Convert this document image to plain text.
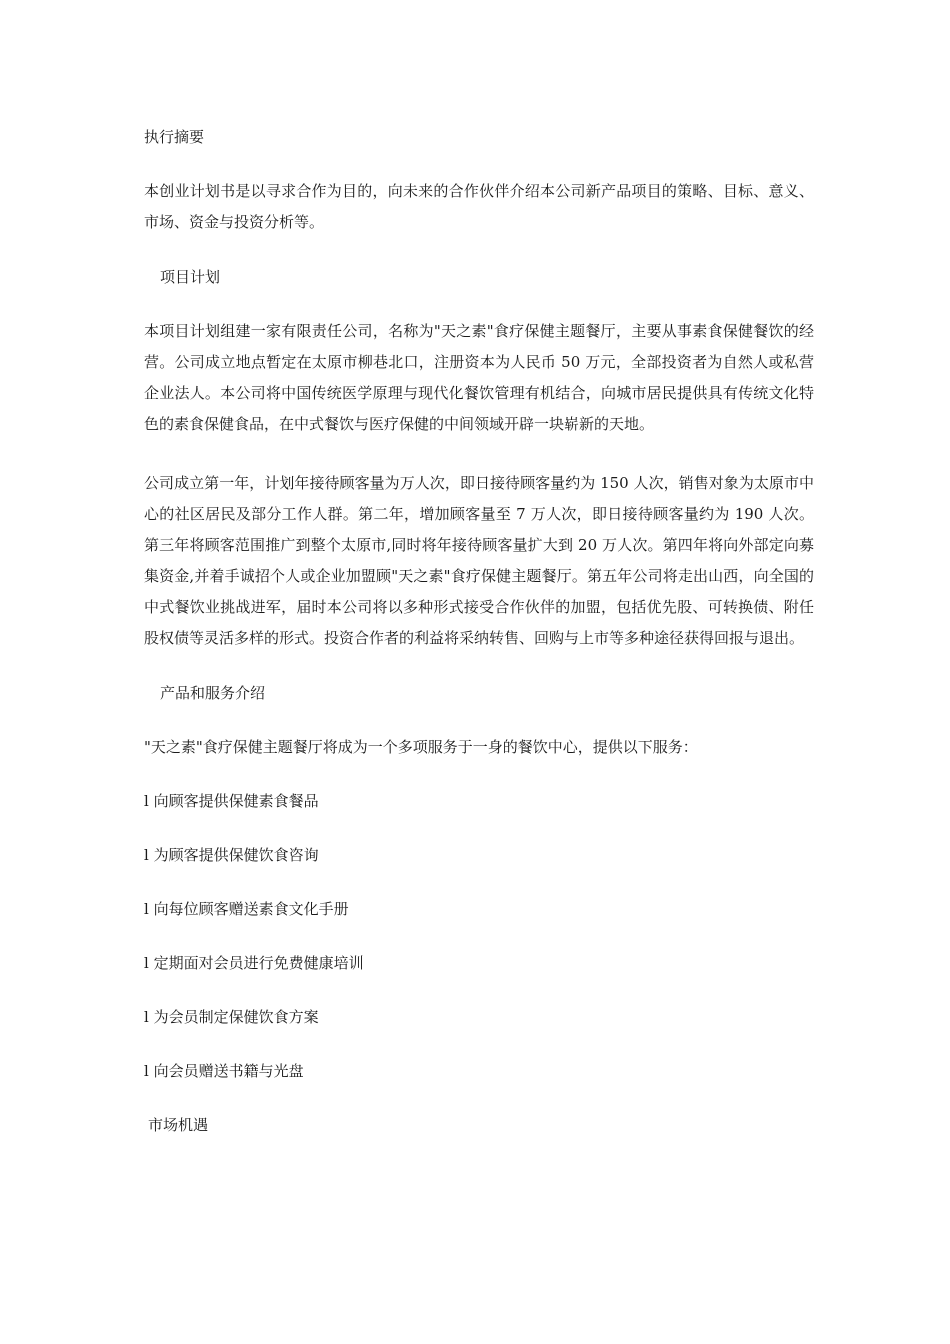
执行摘要

本创业计划书是以寻求合作为目的，向未来的合作伙伴介绍本公司新产品项目的策略、目标、意义、市场、资金与投资分析等。

项目计划

本项目计划组建一家有限责任公司，名称为"天之素"食疗保健主题餐厅，主要从事素食保健餐饮的经营。公司成立地点暂定在太原市柳巷北口，注册资本为人民币 50 万元，全部投资者为自然人或私营企业法人。本公司将中国传统医学原理与现代化餐饮管理有机结合，向城市居民提供具有传统文化特色的素食保健食品，在中式餐饮与医疗保健的中间领域开辟一块崭新的天地。

公司成立第一年，计划年接待顾客量为万人次，即日接待顾客量约为 150 人次，销售对象为太原市中心的社区居民及部分工作人群。第二年，增加顾客量至 7 万人次，即日接待顾客量约为 190 人次。第三年将顾客范围推广到整个太原市,同时将年接待顾客量扩大到 20 万人次。第四年将向外部定向募集资金,并着手诚招个人或企业加盟顾"天之素"食疗保健主题餐厅。第五年公司将走出山西，向全国的中式餐饮业挑战进军，届时本公司将以多种形式接受合作伙伴的加盟，包括优先股、可转换债、附任股权债等灵活多样的形式。投资合作者的利益将采纳转售、回购与上市等多种途径获得回报与退出。

产品和服务介绍

"天之素"食疗保健主题餐厅将成为一个多项服务于一身的餐饮中心，提供以下服务：

l 向顾客提供保健素食餐品

l 为顾客提供保健饮食咨询

l 向每位顾客赠送素食文化手册

l 定期面对会员进行免费健康培训

l 为会员制定保健饮食方案

l 向会员赠送书籍与光盘

市场机遇
